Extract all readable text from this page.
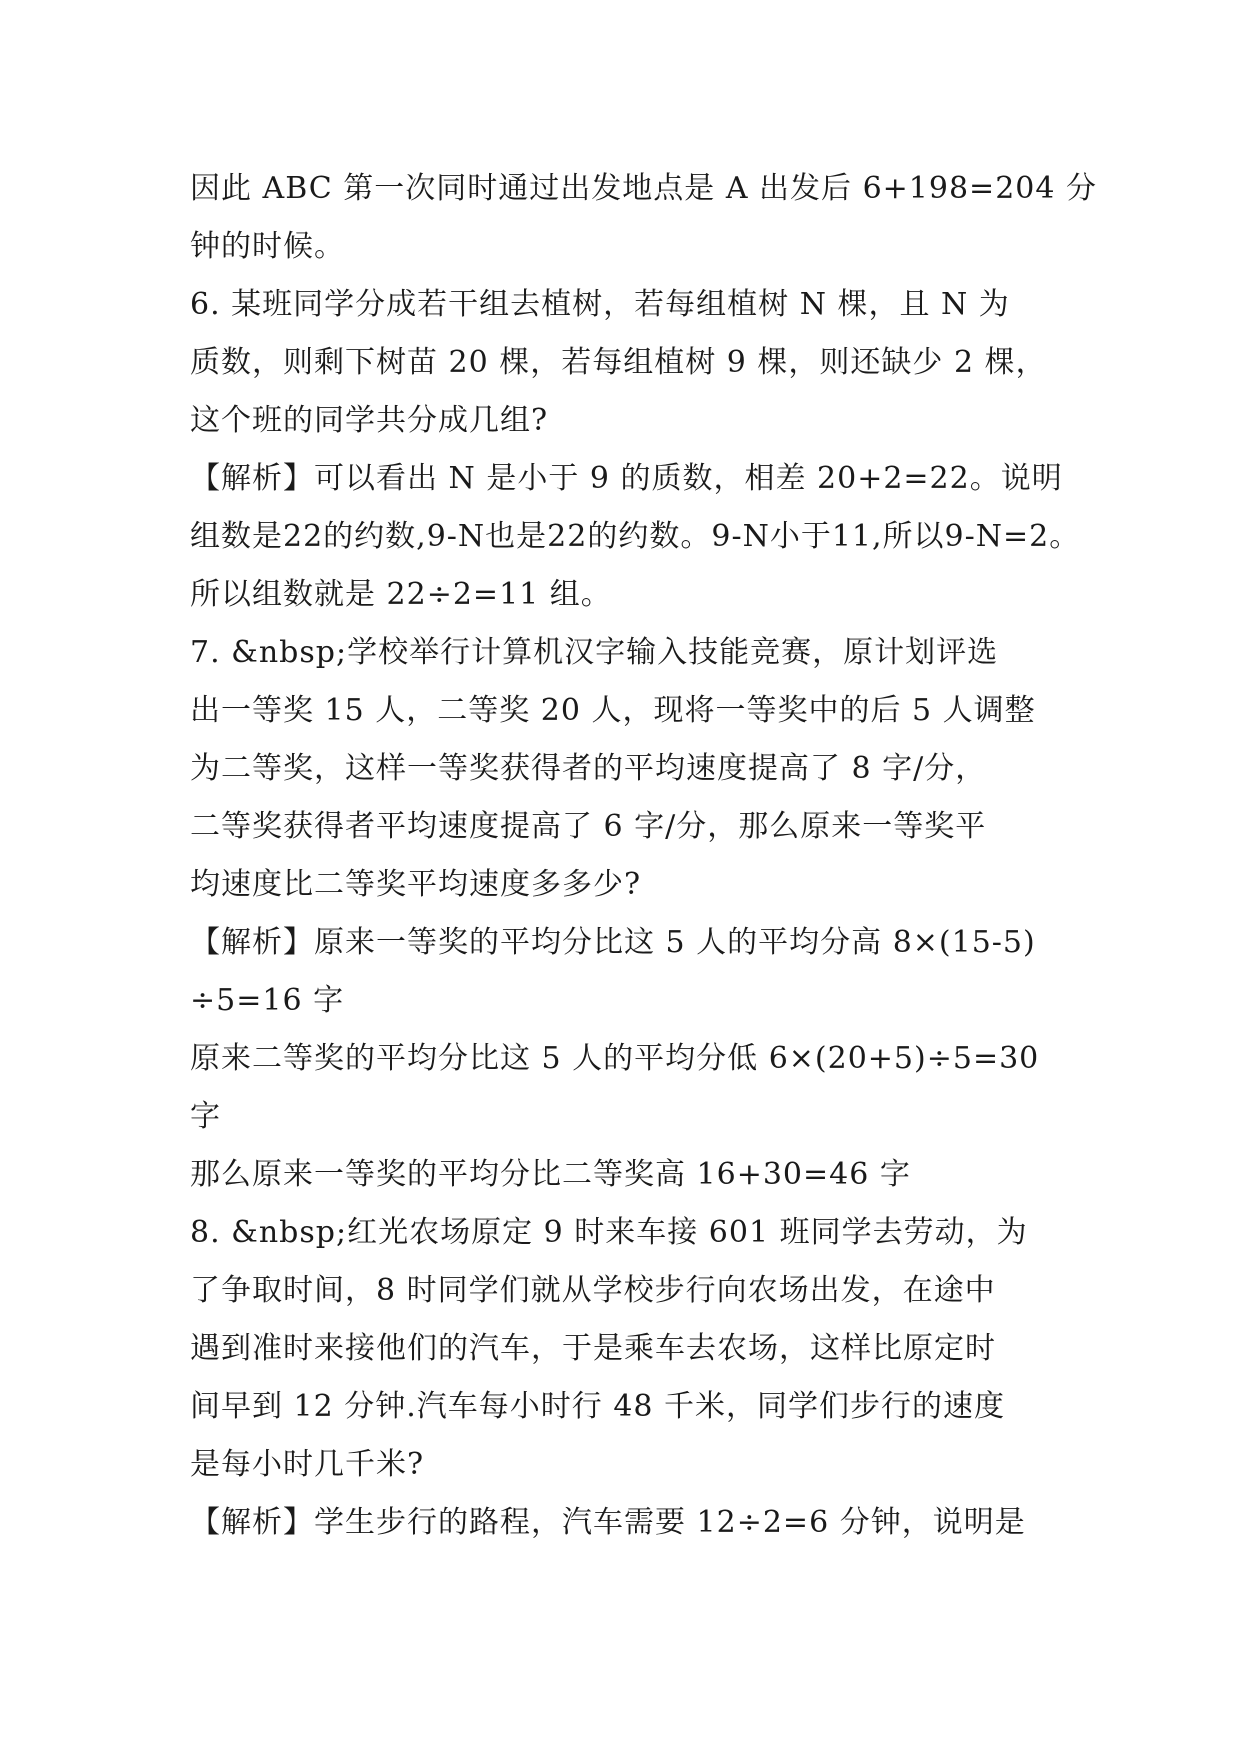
因此 ABC 第一次同时通过出发地点是 A 出发后 6+198=204 分
钟的时候。
6. 某班同学分成若干组去植树，若每组植树 N 棵，且 N 为
质数，则剩下树苗 20 棵，若每组植树 9 棵，则还缺少 2 棵，
这个班的同学共分成几组?
【解析】可以看出 N 是小于 9 的质数，相差 20+2=22。说明
组数是22的约数,9-N也是22的约数。9-N小于11,所以9-N=2。
所以组数就是 22÷2=11 组。
7. &nbsp;学校举行计算机汉字输入技能竞赛，原计划评选
出一等奖 15 人，二等奖 20 人，现将一等奖中的后 5 人调整
为二等奖，这样一等奖获得者的平均速度提高了 8 字/分，
二等奖获得者平均速度提高了 6 字/分，那么原来一等奖平
均速度比二等奖平均速度多多少?
【解析】原来一等奖的平均分比这 5 人的平均分高 8×(15-5)
÷5=16 字
原来二等奖的平均分比这 5 人的平均分低 6×(20+5)÷5=30
字
那么原来一等奖的平均分比二等奖高 16+30=46 字
8. &nbsp;红光农场原定 9 时来车接 601 班同学去劳动，为
了争取时间，8 时同学们就从学校步行向农场出发，在途中
遇到准时来接他们的汽车，于是乘车去农场，这样比原定时
间早到 12 分钟.汽车每小时行 48 千米，同学们步行的速度
是每小时几千米?
【解析】学生步行的路程，汽车需要 12÷2=6 分钟，说明是
